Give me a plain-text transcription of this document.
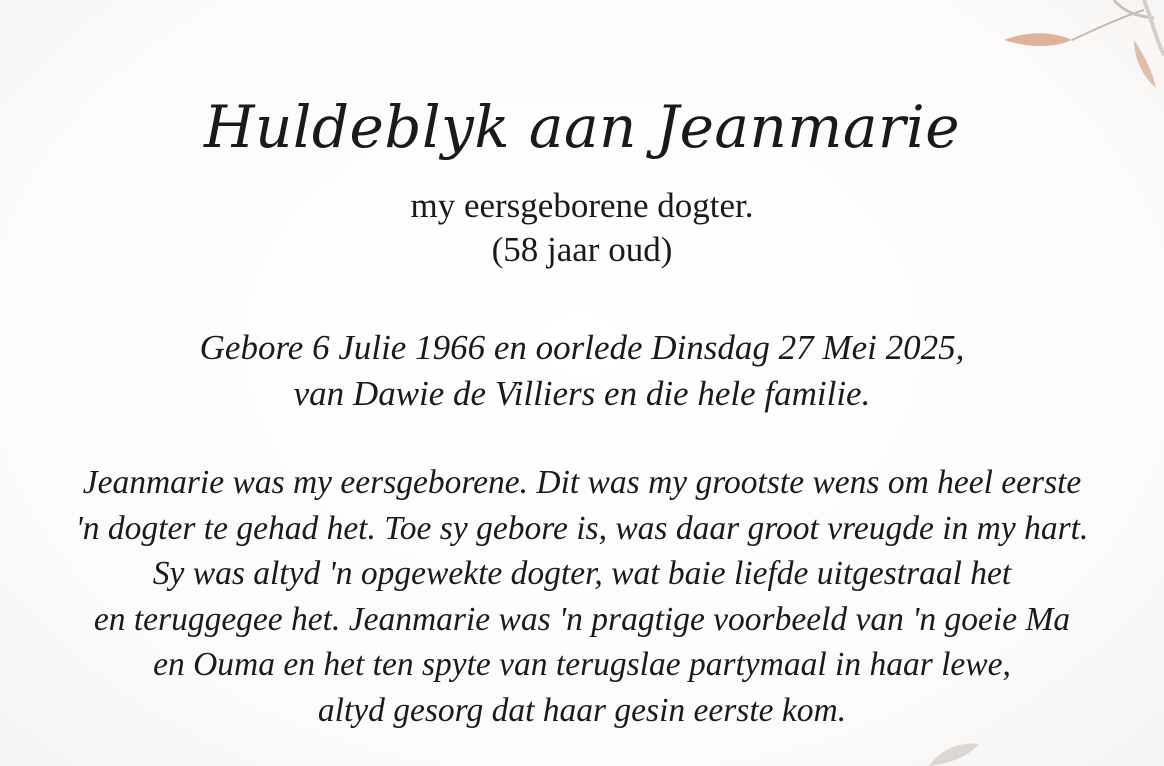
Huldeblyk aan Jeanmarie
my eersgeborene dogter.
(58 jaar oud)
Gebore 6 Julie 1966 en oorlede Dinsdag 27 Mei 2025,
van Dawie de Villiers en die hele familie.
Jeanmarie was my eersgeborene. Dit was my grootste wens om heel eerste
'n dogter te gehad het. Toe sy gebore is, was daar groot vreugde in my hart.
Sy was altyd 'n opgewekte dogter, wat baie liefde uitgestraal het
en teruggegee het. Jeanmarie was 'n pragtige voorbeeld van 'n goeie Ma
en Ouma en het ten spyte van terugslae partymaal in haar lewe,
altyd gesorg dat haar gesin eerste kom.
